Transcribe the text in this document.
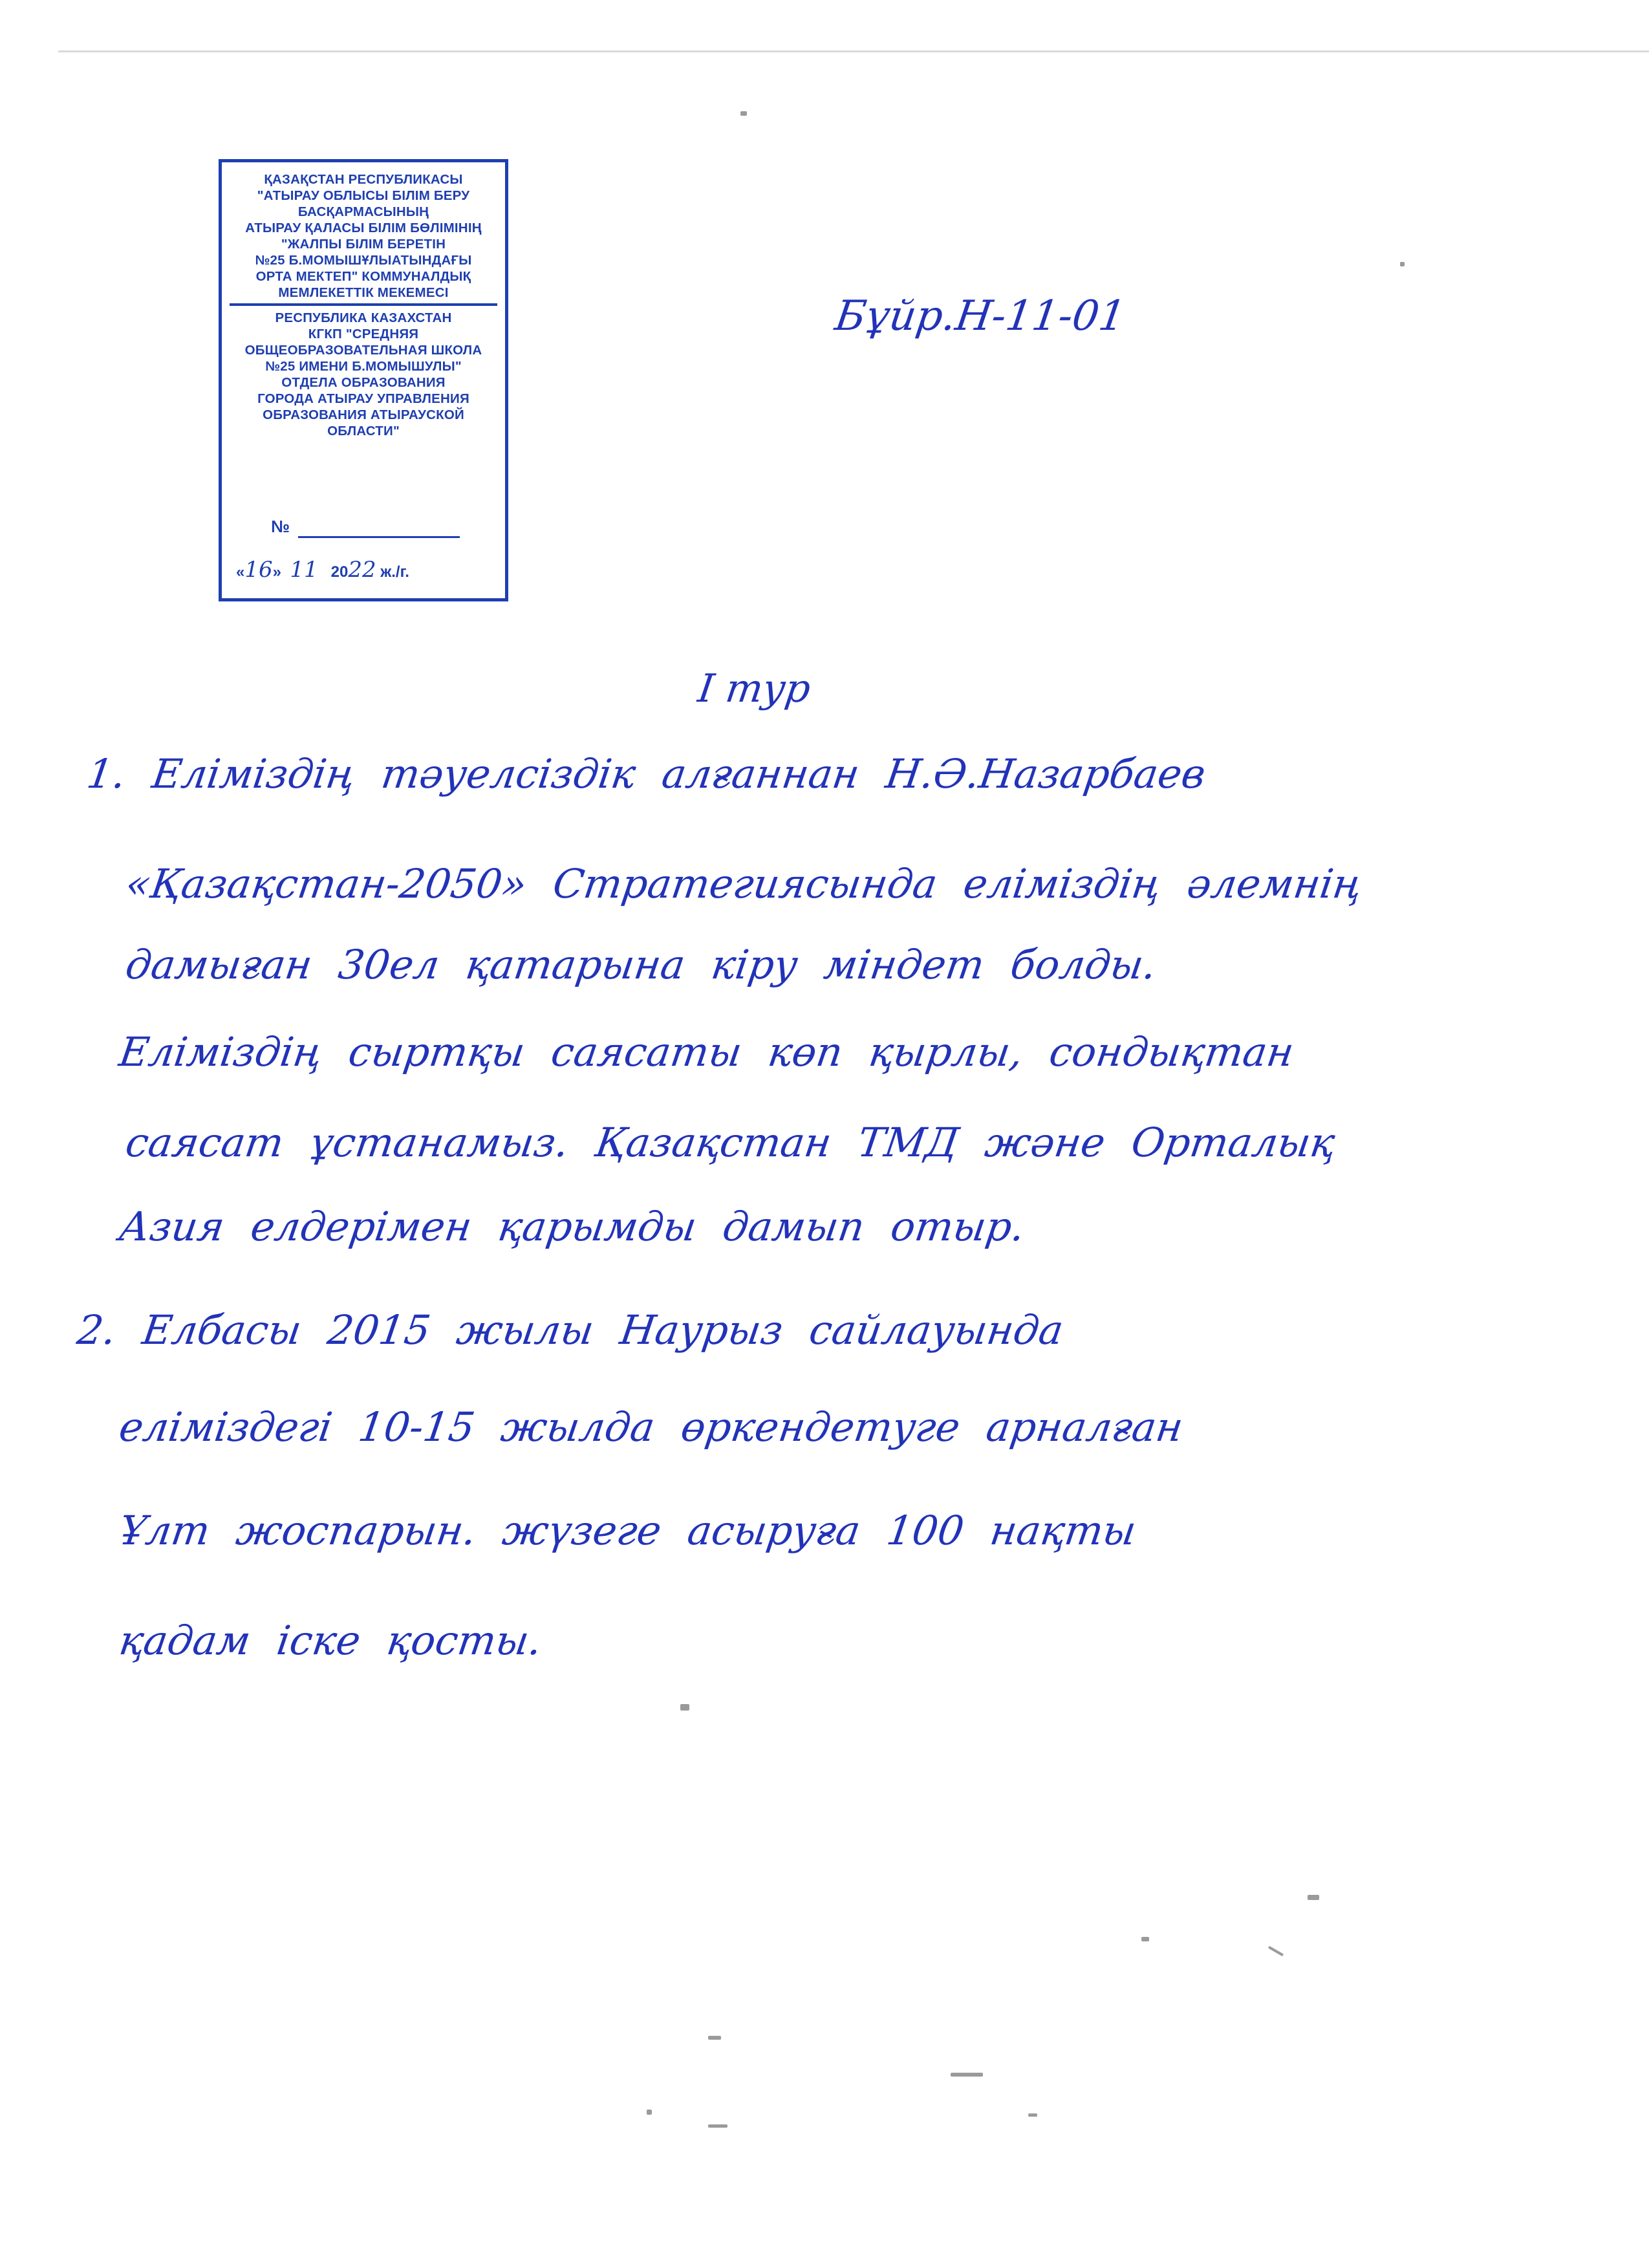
ҚАЗАҚСТАН РЕСПУБЛИКАСЫ
"АТЫРАУ ОБЛЫСЫ БІЛІМ БЕРУ
БАСҚАРМАСЫНЫҢ
АТЫРАУ ҚАЛАСЫ БІЛІМ БӨЛІМІНІҢ
"ЖАЛПЫ БІЛІМ БЕРЕТІН
№25 Б.МОМЫШҰЛЫАТЫНДАҒЫ
ОРТА МЕКТЕП" КОММУНАЛДЫҚ
МЕМЛЕКЕТТІК МЕКЕМЕСІ
РЕСПУБЛИКА КАЗАХСТАН
КГКП "СРЕДНЯЯ
ОБЩЕОБРАЗОВАТЕЛЬНАЯ ШКОЛА
№25 ИМЕНИ Б.МОМЫШУЛЫ"
ОТДЕЛА ОБРАЗОВАНИЯ
ГОРОДА АТЫРАУ УПРАВЛЕНИЯ
ОБРАЗОВАНИЯ АТЫРАУСКОЙ
ОБЛАСТИ"
№
«16» 11 2022 ж./г.
Бұйр.Н-11-01
I тур
1. Еліміздің тәуелсіздік алғаннан Н.Ә.Назарбаев
«Қазақстан-2050» Стратегиясында еліміздің әлемнің
дамыған 30ел қатарына кіру міндет болды.
Еліміздің сыртқы саясаты көп қырлы, сондықтан
саясат ұстанамыз. Қазақстан ТМД және Орталық
Азия елдерімен қарымды дамып отыр.
2. Елбасы 2015 жылы Наурыз сайлауында
еліміздегі 10-15 жылда өркендетуге арналған
Ұлт жоспарын. жүзеге асыруға 100 нақты
қадам іске қосты.
